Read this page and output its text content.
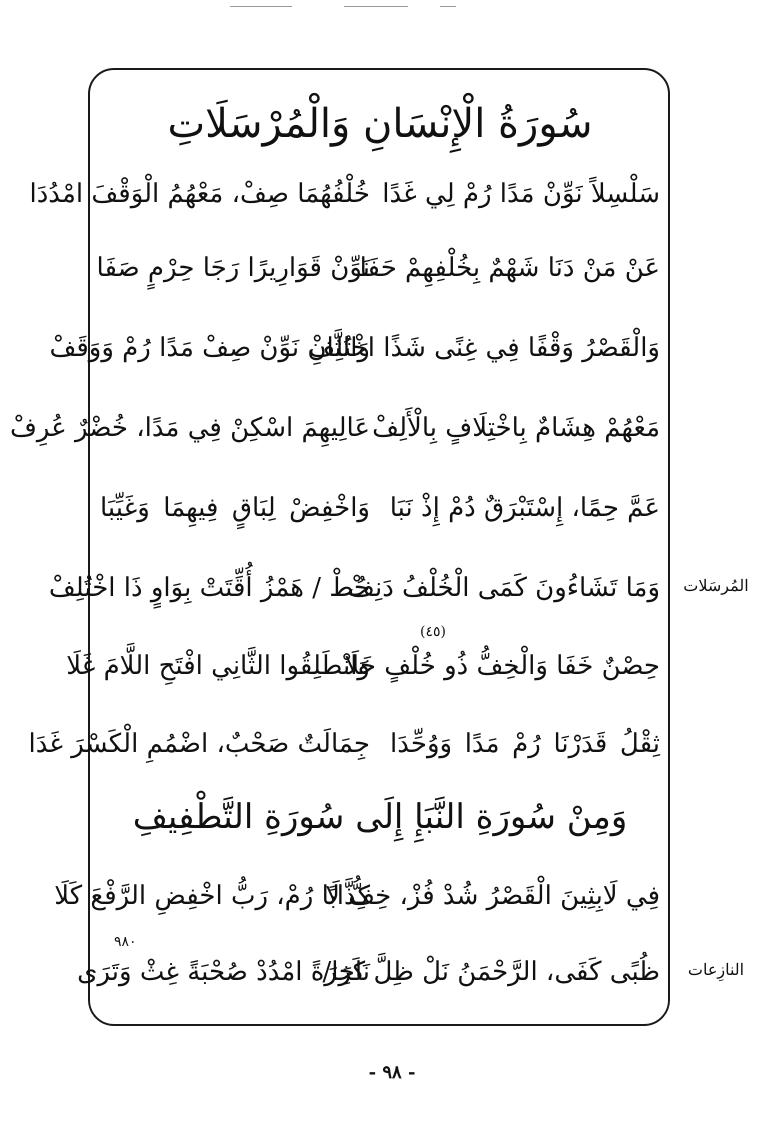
سُورَةُ الْإِنْسَانِ وَالْمُرْسَلَاتِ
سَلْسِلاً نَوِّنْ مَدًا رُمْ لِي غَدًا
خُلْفُهُمَا صِفْ، مَعْهُمُ الْوَقْفَ امْدُدَا
عَنْ مَنْ دَنَا شَهْمٌ بِخُلْفِهِمْ حَفَا
نَوِّنْ قَوَارِيرًا رَجَا حِرْمٍ صَفَا
وَالْقَصْرُ وَقْفًا فِي غِنًى شَذًا اخْتُلِفْ
وَالثَّانِ نَوِّنْ صِفْ مَدًا رُمْ وَوَقَفْ
مَعْهُمْ هِشَامٌ بِاخْتِلَافٍ بِالْأَلِفْ
عَالِيهِمَ اسْكِنْ فِي مَدًا، خُضْرٌ عُرِفْ
عَمَّ حِمًا، إِسْتَبْرَقٌ دُمْ إِذْ نَبَا
وَاخْفِضْ لِبَاقٍ فِيهِمَا وَغَيِّبَا
وَمَا تَشَاءُونَ كَمَى الْخُلْفُ دَنِفْ
حُطْ / هَمْزُ أُقِّتَتْ بِوَاوٍ ذَا اخْتُلِفْ
حِصْنٌ خَفَا وَالْخِفُّ ذُو خُلْفٍ خَلَا
وَانْطَلِقُوا الثَّانِي افْتَحِ اللَّامَ غَلَا
ثِقْلُ قَدَرْنَا رُمْ مَدًا وَوُحِّدَا
جِمَالَتٌ صَحْبٌ، اضْمُمِ الْكَسْرَ غَدَا
وَمِنْ سُورَةِ النَّبَإِ إِلَى سُورَةِ التَّطْفِيفِ
فِي لَابِثِينَ الْقَصْرُ شُدْ فُزْ، خِفُّ لَا
كِذَّابًا رُمْ، رَبُّ اخْفِضِ الرَّفْعَ كَلَا
ظُبًى كَفَى، الرَّحْمَنُ نَلْ ظِلَّ كَرَا/
نَاخِرَةً امْدُدْ صُحْبَةً غِثْ وَتَرَى
(٤٥)
٩٨٠
المُرسَلات
النازِعات
- ٩٨ -
